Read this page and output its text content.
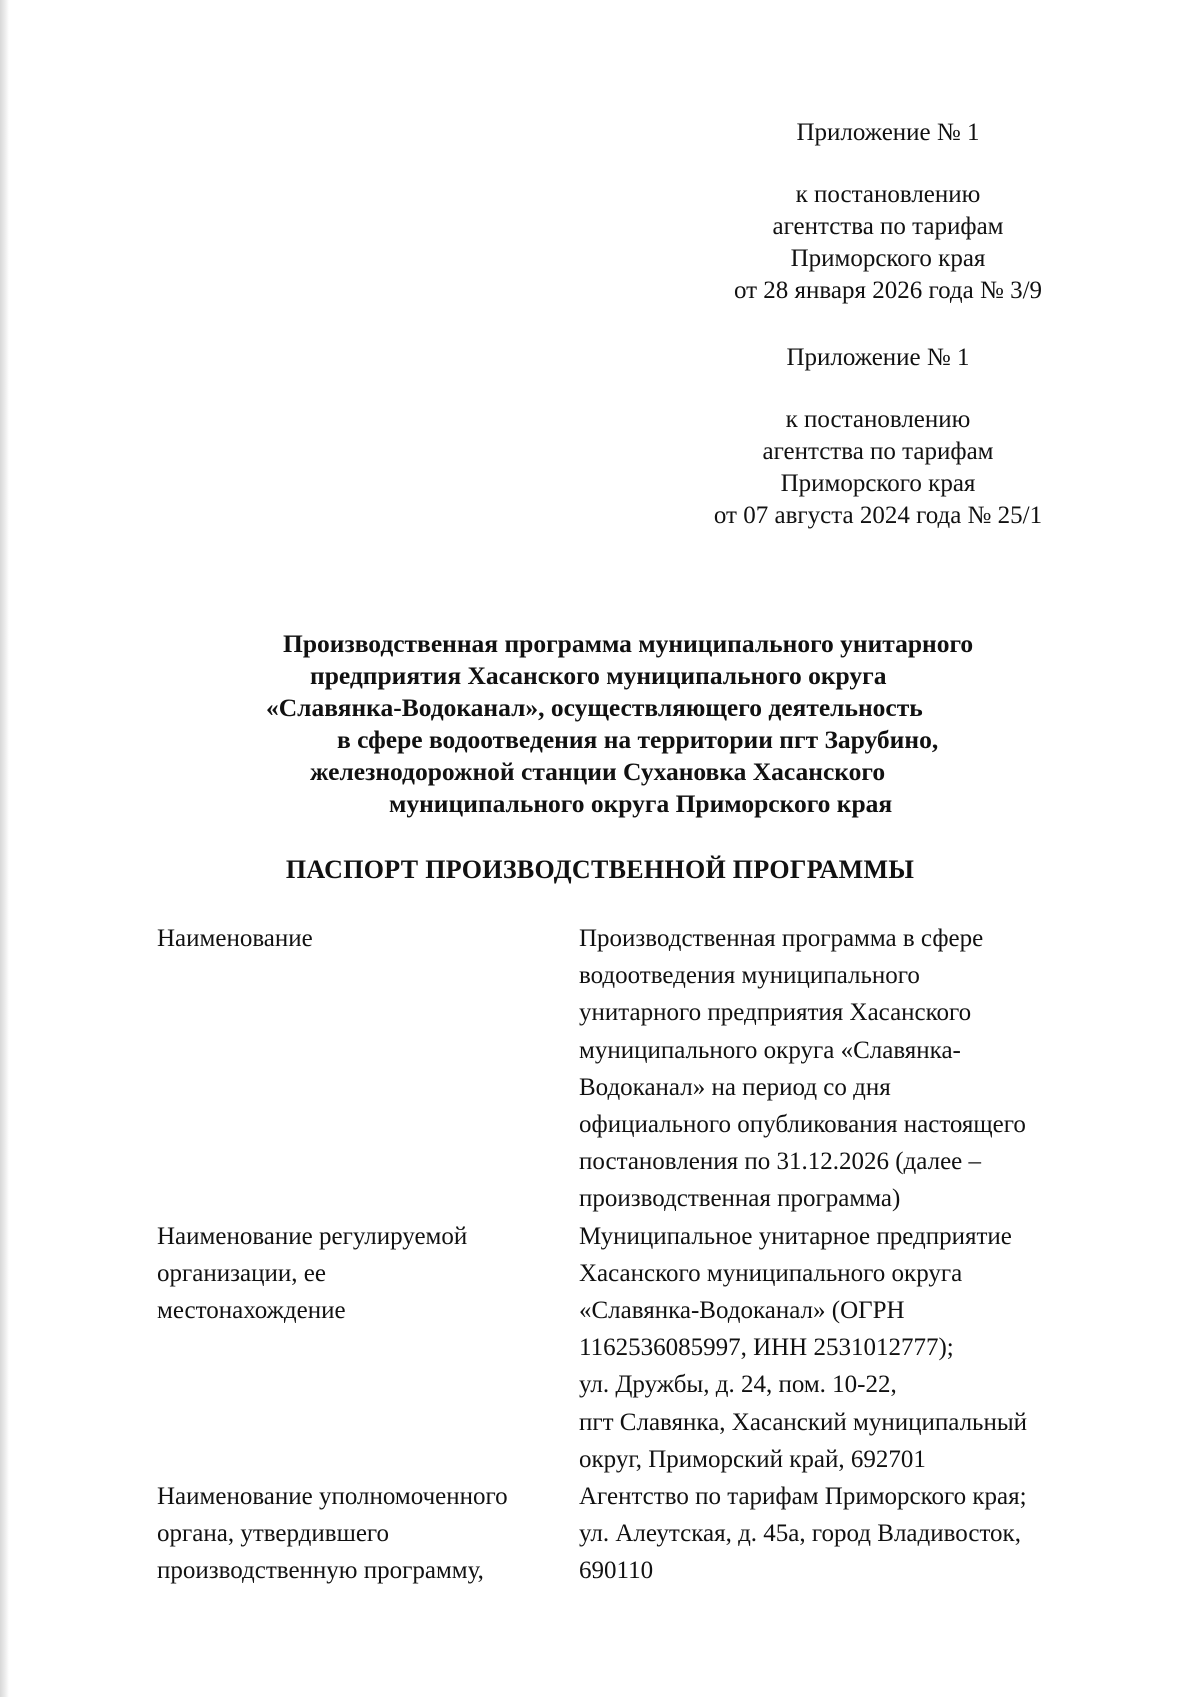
Приложение № 1
к постановлению
агентства по тарифам
Приморского края
от 28 января 2026 года № 3/9
Приложение № 1
к постановлению
агентства по тарифам
Приморского края
от 07 августа 2024 года № 25/1
Производственная программа муниципального унитарного
предприятия Хасанского муниципального округа
«Славянка-Водоканал», осуществляющего деятельность
в сфере водоотведения на территории пгт Зарубино,
железнодорожной станции Сухановка Хасанского
муниципального округа Приморского края
ПАСПОРТ ПРОИЗВОДСТВЕННОЙ ПРОГРАММЫ
Наименование	Производственная программа в сфере
водоотведения муниципального
унитарного предприятия Хасанского
муниципального округа «Славянка-
Водоканал» на период со дня
официального опубликования настоящего
постановления по 31.12.2026 (далее –
производственная программа)
Наименование регулируемой
организации, ее
местонахождение
Муниципальное унитарное предприятие
Хасанского муниципального округа
«Славянка-Водоканал» (ОГРН
1162536085997, ИНН 2531012777);
ул. Дружбы, д. 24, пом. 10-22,
пгт Славянка, Хасанский муниципальный
округ, Приморский край, 692701
Наименование уполномоченного
органа, утвердившего
производственную программу,
Агентство по тарифам Приморского края;
ул. Алеутская, д. 45а, город Владивосток,
690110
